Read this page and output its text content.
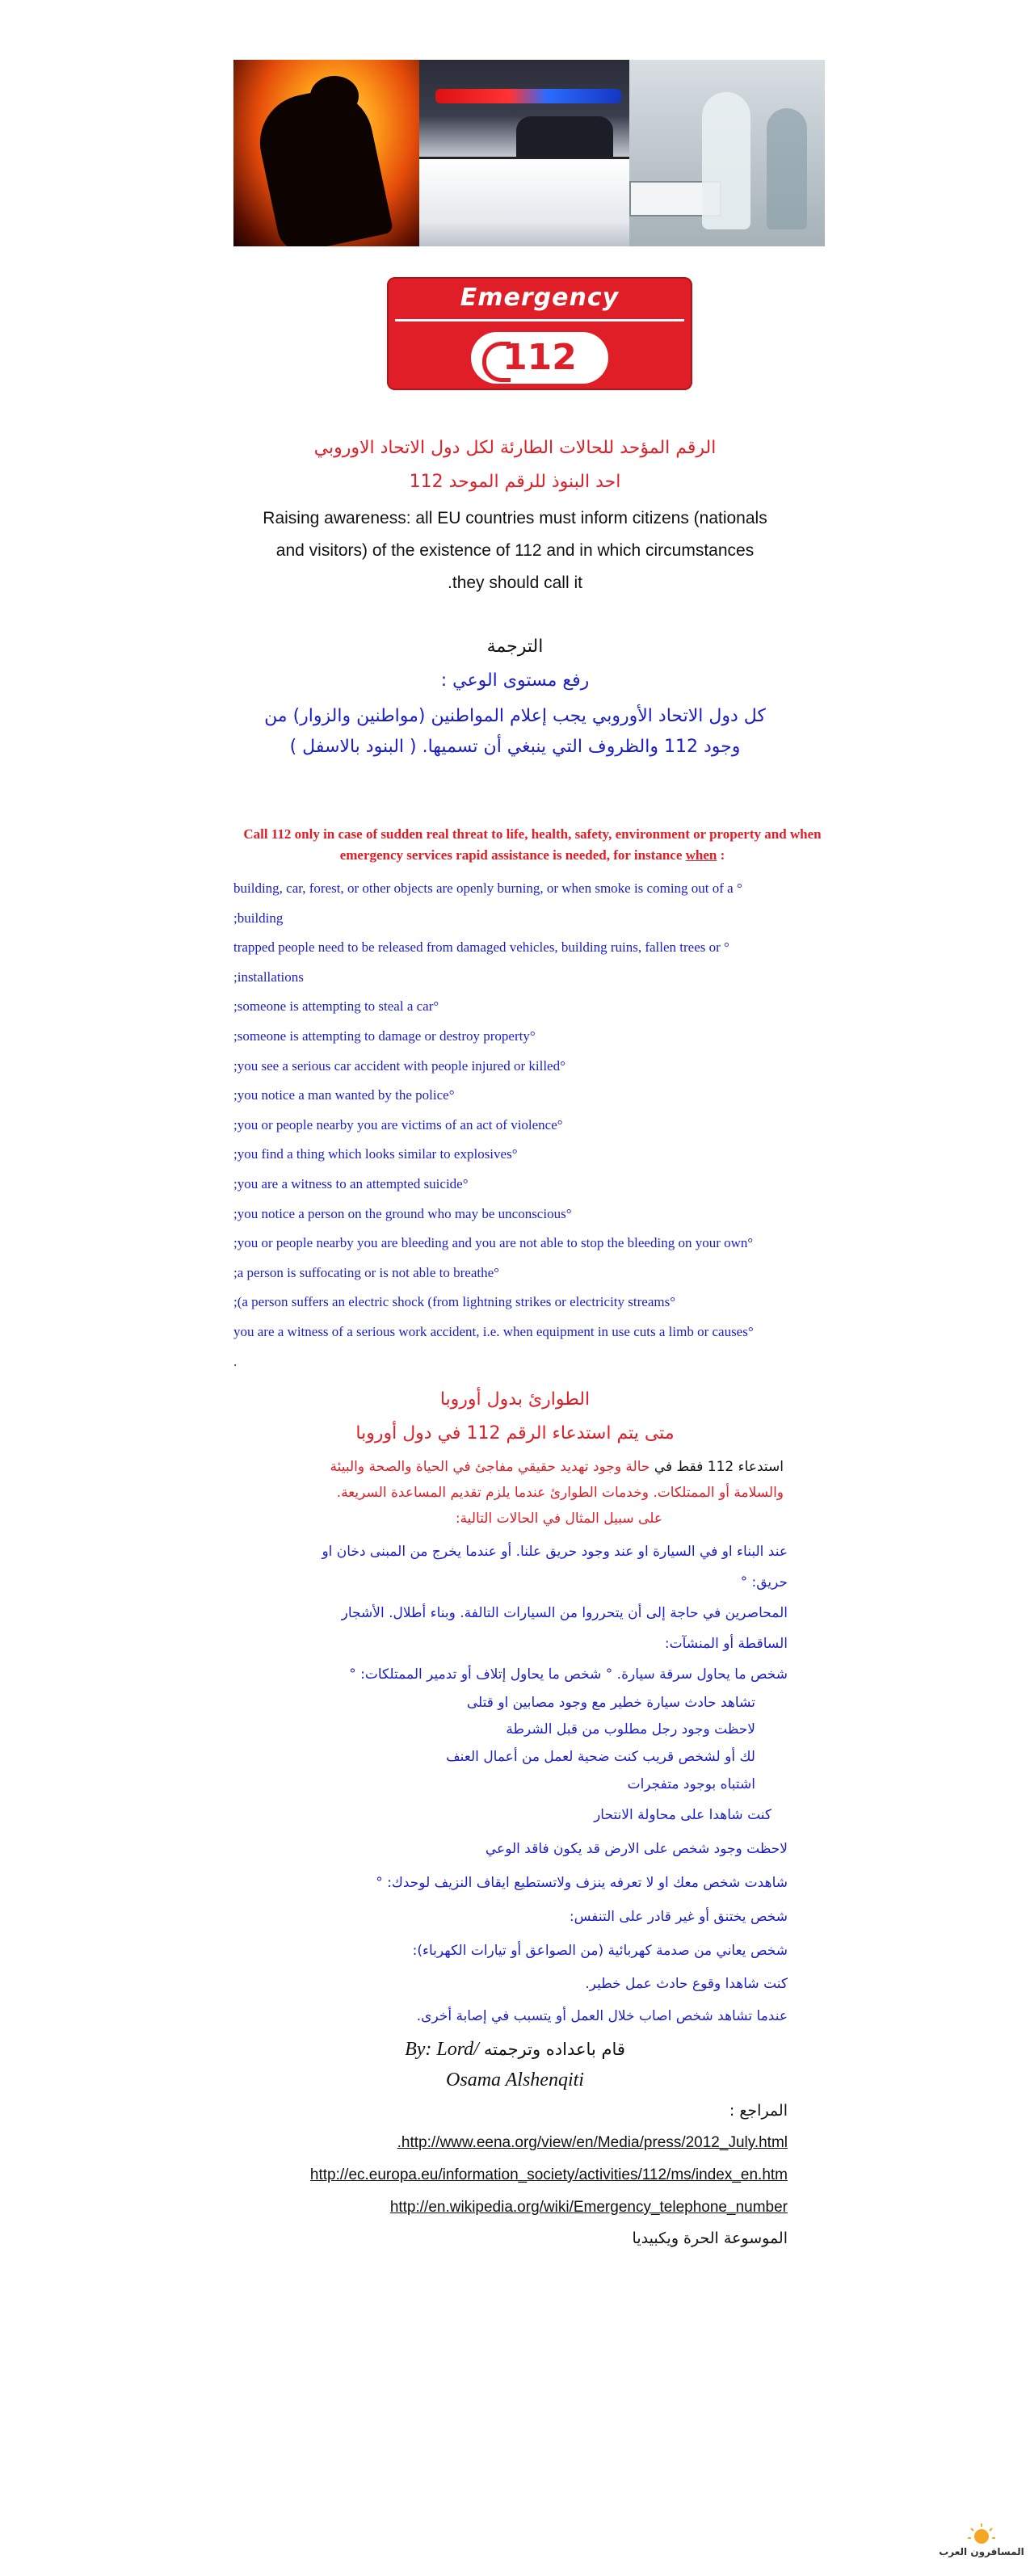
Emergency
112
الرقم المؤحد للحالات الطارئة لكل دول الاتحاد الاوروبي
احد البنوذ للرقم الموحد 112
Raising awareness: all EU countries must inform citizens (nationals
and visitors) of the existence of 112 and in which circumstances
.they should call it
الترجمة
رفع مستوى الوعي :
كل دول الاتحاد الأوروبي يجب إعلام المواطنين (مواطنين والزوار) من
وجود 112 والظروف التي ينبغي أن تسميها. ( البنود بالاسفل )
Call 112 only in case of sudden real threat to life, health, safety, environment or property and when
emergency services rapid assistance is needed, for instance when :
building, car, forest, or other objects are openly burning, or when smoke is coming out of a °
;building
trapped people need to be released from damaged vehicles, building ruins, fallen trees or °
;installations
;someone is attempting to steal a car°
;someone is attempting to damage or destroy property°
;you see a serious car accident with people injured or killed°
;you notice a man wanted by the police°
;you or people nearby you are victims of an act of violence°
;you find a thing which looks similar to explosives°
;you are a witness to an attempted suicide°
;you notice a person on the ground who may be unconscious°
;you or people nearby you are bleeding and you are not able to stop the bleeding on your own°
;a person is suffocating or is not able to breathe°
;(a person suffers an electric shock (from lightning strikes or electricity streams°
you are a witness of a serious work accident, i.e. when equipment in use cuts a limb or causes°
.
الطوارئ بدول أوروبا
متى يتم استدعاء الرقم 112 في دول أوروبا
استدعاء 112 فقط في حالة وجود تهديد حقيقي مفاجئ في الحياة والصحة والبيئة
والسلامة أو الممتلكات. وخدمات الطوارئ عندما يلزم تقديم المساعدة السريعة.
على سبيل المثال في الحالات التالية:
عند البناء او في السيارة او عند وجود حريق علنا. أو عندما يخرج من المبنى دخان او
حريق: °
المحاصرين في حاجة إلى أن يتحرروا من السيارات التالفة. وبناء أطلال. الأشجار
الساقطة أو المنشآت:
شخص ما يحاول سرقة سيارة. ° شخص ما يحاول إتلاف أو تدمير الممتلكات: °
تشاهد حادث سيارة خطير مع وجود مصابين او قتلى
لاحظت وجود رجل مطلوب من قبل الشرطة
لك أو لشخص قريب كنت ضحية لعمل من أعمال العنف
اشتباه بوجود متفجرات
كنت شاهدا على محاولة الانتحار
لاحظت وجود شخص على الارض قد يكون فاقد الوعي
شاهدت شخص معك او لا تعرفه ينزف ولاتستطيع ايقاف النزيف لوحدك: °
شخص يختنق أو غير قادر على التنفس:
شخص يعاني من صدمة كهربائية (من الصواعق أو تيارات الكهرباء):
كنت شاهدا وقوع حادث عمل خطير.
عندما تشاهد شخص اصاب خلال العمل أو يتسبب في إصابة أخرى.
By: Lord/ قام باعداده وترجمته
Osama Alshenqiti
المراجع :
.http://www.eena.org/view/en/Media/press/2012_July.html
http://ec.europa.eu/information_society/activities/112/ms/index_en.htm
http://en.wikipedia.org/wiki/Emergency_telephone_number
الموسوعة الحرة ويكبيديا
المسافرون العرب
